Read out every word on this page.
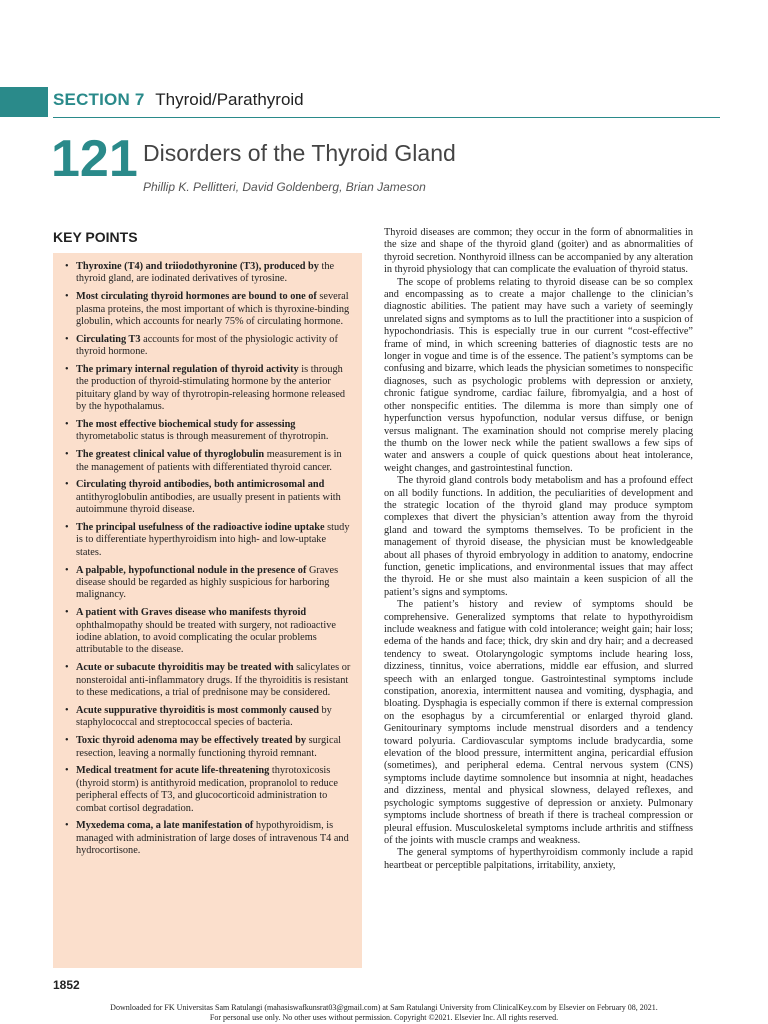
SECTION 7 Thyroid/Parathyroid
121 Disorders of the Thyroid Gland
Phillip K. Pellitteri, David Goldenberg, Brian Jameson
KEY POINTS
• Thyroxine (T4) and triiodothyronine (T3), produced by the thyroid gland, are iodinated derivatives of tyrosine.
• Most circulating thyroid hormones are bound to one of several plasma proteins, the most important of which is thyroxine-binding globulin, which accounts for nearly 75% of circulating hormone.
• Circulating T3 accounts for most of the physiologic activity of thyroid hormone.
• The primary internal regulation of thyroid activity is through the production of thyroid-stimulating hormone by the anterior pituitary gland by way of thyrotropin-releasing hormone released by the hypothalamus.
• The most effective biochemical study for assessing thyrometabolic status is through measurement of thyrotropin.
• The greatest clinical value of thyroglobulin measurement is in the management of patients with differentiated thyroid cancer.
• Circulating thyroid antibodies, both antimicrosomal and antithyroglobulin antibodies, are usually present in patients with autoimmune thyroid disease.
• The principal usefulness of the radioactive iodine uptake study is to differentiate hyperthyroidism into high- and low-uptake states.
• A palpable, hypofunctional nodule in the presence of Graves disease should be regarded as highly suspicious for harboring malignancy.
• A patient with Graves disease who manifests thyroid ophthalmopathy should be treated with surgery, not radioactive iodine ablation, to avoid complicating the ocular problems attributable to the disease.
• Acute or subacute thyroiditis may be treated with salicylates or nonsteroidal anti-inflammatory drugs. If the thyroiditis is resistant to these medications, a trial of prednisone may be considered.
• Acute suppurative thyroiditis is most commonly caused by staphylococcal and streptococcal species of bacteria.
• Toxic thyroid adenoma may be effectively treated by surgical resection, leaving a normally functioning thyroid remnant.
• Medical treatment for acute life-threatening thyrotoxicosis (thyroid storm) is antithyroid medication, propranolol to reduce peripheral effects of T3, and glucocorticoid administration to combat cortisol degradation.
• Myxedema coma, a late manifestation of hypothyroidism, is managed with administration of large doses of intravenous T4 and hydrocortisone.

Thyroid diseases are common; they occur in the form of abnormalities in the size and shape of the thyroid gland (goiter) and as abnormalities of thyroid secretion. Nonthyroid illness can be accompanied by any alteration in thyroid physiology that can complicate the evaluation of thyroid status.

The scope of problems relating to thyroid disease can be so complex and encompassing as to create a major challenge to the clinician’s diagnostic abilities. The patient may have such a variety of seemingly unrelated signs and symptoms as to lull the practitioner into a suspicion of hypochondriasis. This is especially true in our current “cost-effective” frame of mind, in which screening batteries of diagnostic tests are no longer in vogue and time is of the essence. The patient’s symptoms can be confusing and bizarre, which leads the physician sometimes to nonspecific diagnoses, such as psychologic problems with depression or anxiety, chronic fatigue syndrome, cardiac failure, fibromyalgia, and a host of other nonspecific entities. The dilemma is more than simply one of hyperfunction versus hypofunction, nodular versus diffuse, or benign versus malignant. The examination should not comprise merely placing the thumb on the lower neck while the patient swallows a few sips of water and answers a couple of quick questions about heat intolerance, weight changes, and gastrointestinal function.

The thyroid gland controls body metabolism and has a profound effect on all bodily functions. In addition, the peculiarities of development and the strategic location of the thyroid gland may produce symptom complexes that divert the physician’s attention away from the thyroid gland and toward the symptoms themselves. To be proficient in the management of thyroid disease, the physician must be knowledgeable about all phases of thyroid embryology in addition to anatomy, endocrine function, genetic implications, and environmental issues that may affect the thyroid. He or she must also maintain a keen suspicion of all the patient’s signs and symptoms.

The patient’s history and review of symptoms should be comprehensive. Generalized symptoms that relate to hypothyroidism include weakness and fatigue with cold intolerance; weight gain; hair loss; edema of the hands and face; thick, dry skin and dry hair; and a decreased tendency to sweat. Otolaryngologic symptoms include hearing loss, dizziness, tinnitus, voice aberrations, middle ear effusion, and slurred speech with an enlarged tongue. Gastrointestinal symptoms include constipation, anorexia, intermittent nausea and vomiting, dysphagia, and bloating. Dysphagia is especially common if there is external compression on the esophagus by a circumferential or enlarged thyroid gland. Genitourinary symptoms include menstrual disorders and a tendency toward polyuria. Cardiovascular symptoms include bradycardia, some elevation of the blood pressure, intermittent angina, pericardial effusion (sometimes), and peripheral edema. Central nervous system (CNS) symptoms include daytime somnolence but insomnia at night, headaches and dizziness, mental and physical slowness, delayed reflexes, and psychologic symptoms suggestive of depression or anxiety. Pulmonary symptoms include shortness of breath if there is tracheal compression or pleural effusion. Musculoskeletal symptoms include arthritis and stiffness of the joints with muscle cramps and weakness.

The general symptoms of hyperthyroidism commonly include a rapid heartbeat or perceptible palpitations, irritability, anxiety,

1852
Downloaded for FK Universitas Sam Ratulangi (mahasiswafkunsrat03@gmail.com) at Sam Ratulangi University from ClinicalKey.com by Elsevier on February 08, 2021.
For personal use only. No other uses without permission. Copyright ©2021. Elsevier Inc. All rights reserved.
